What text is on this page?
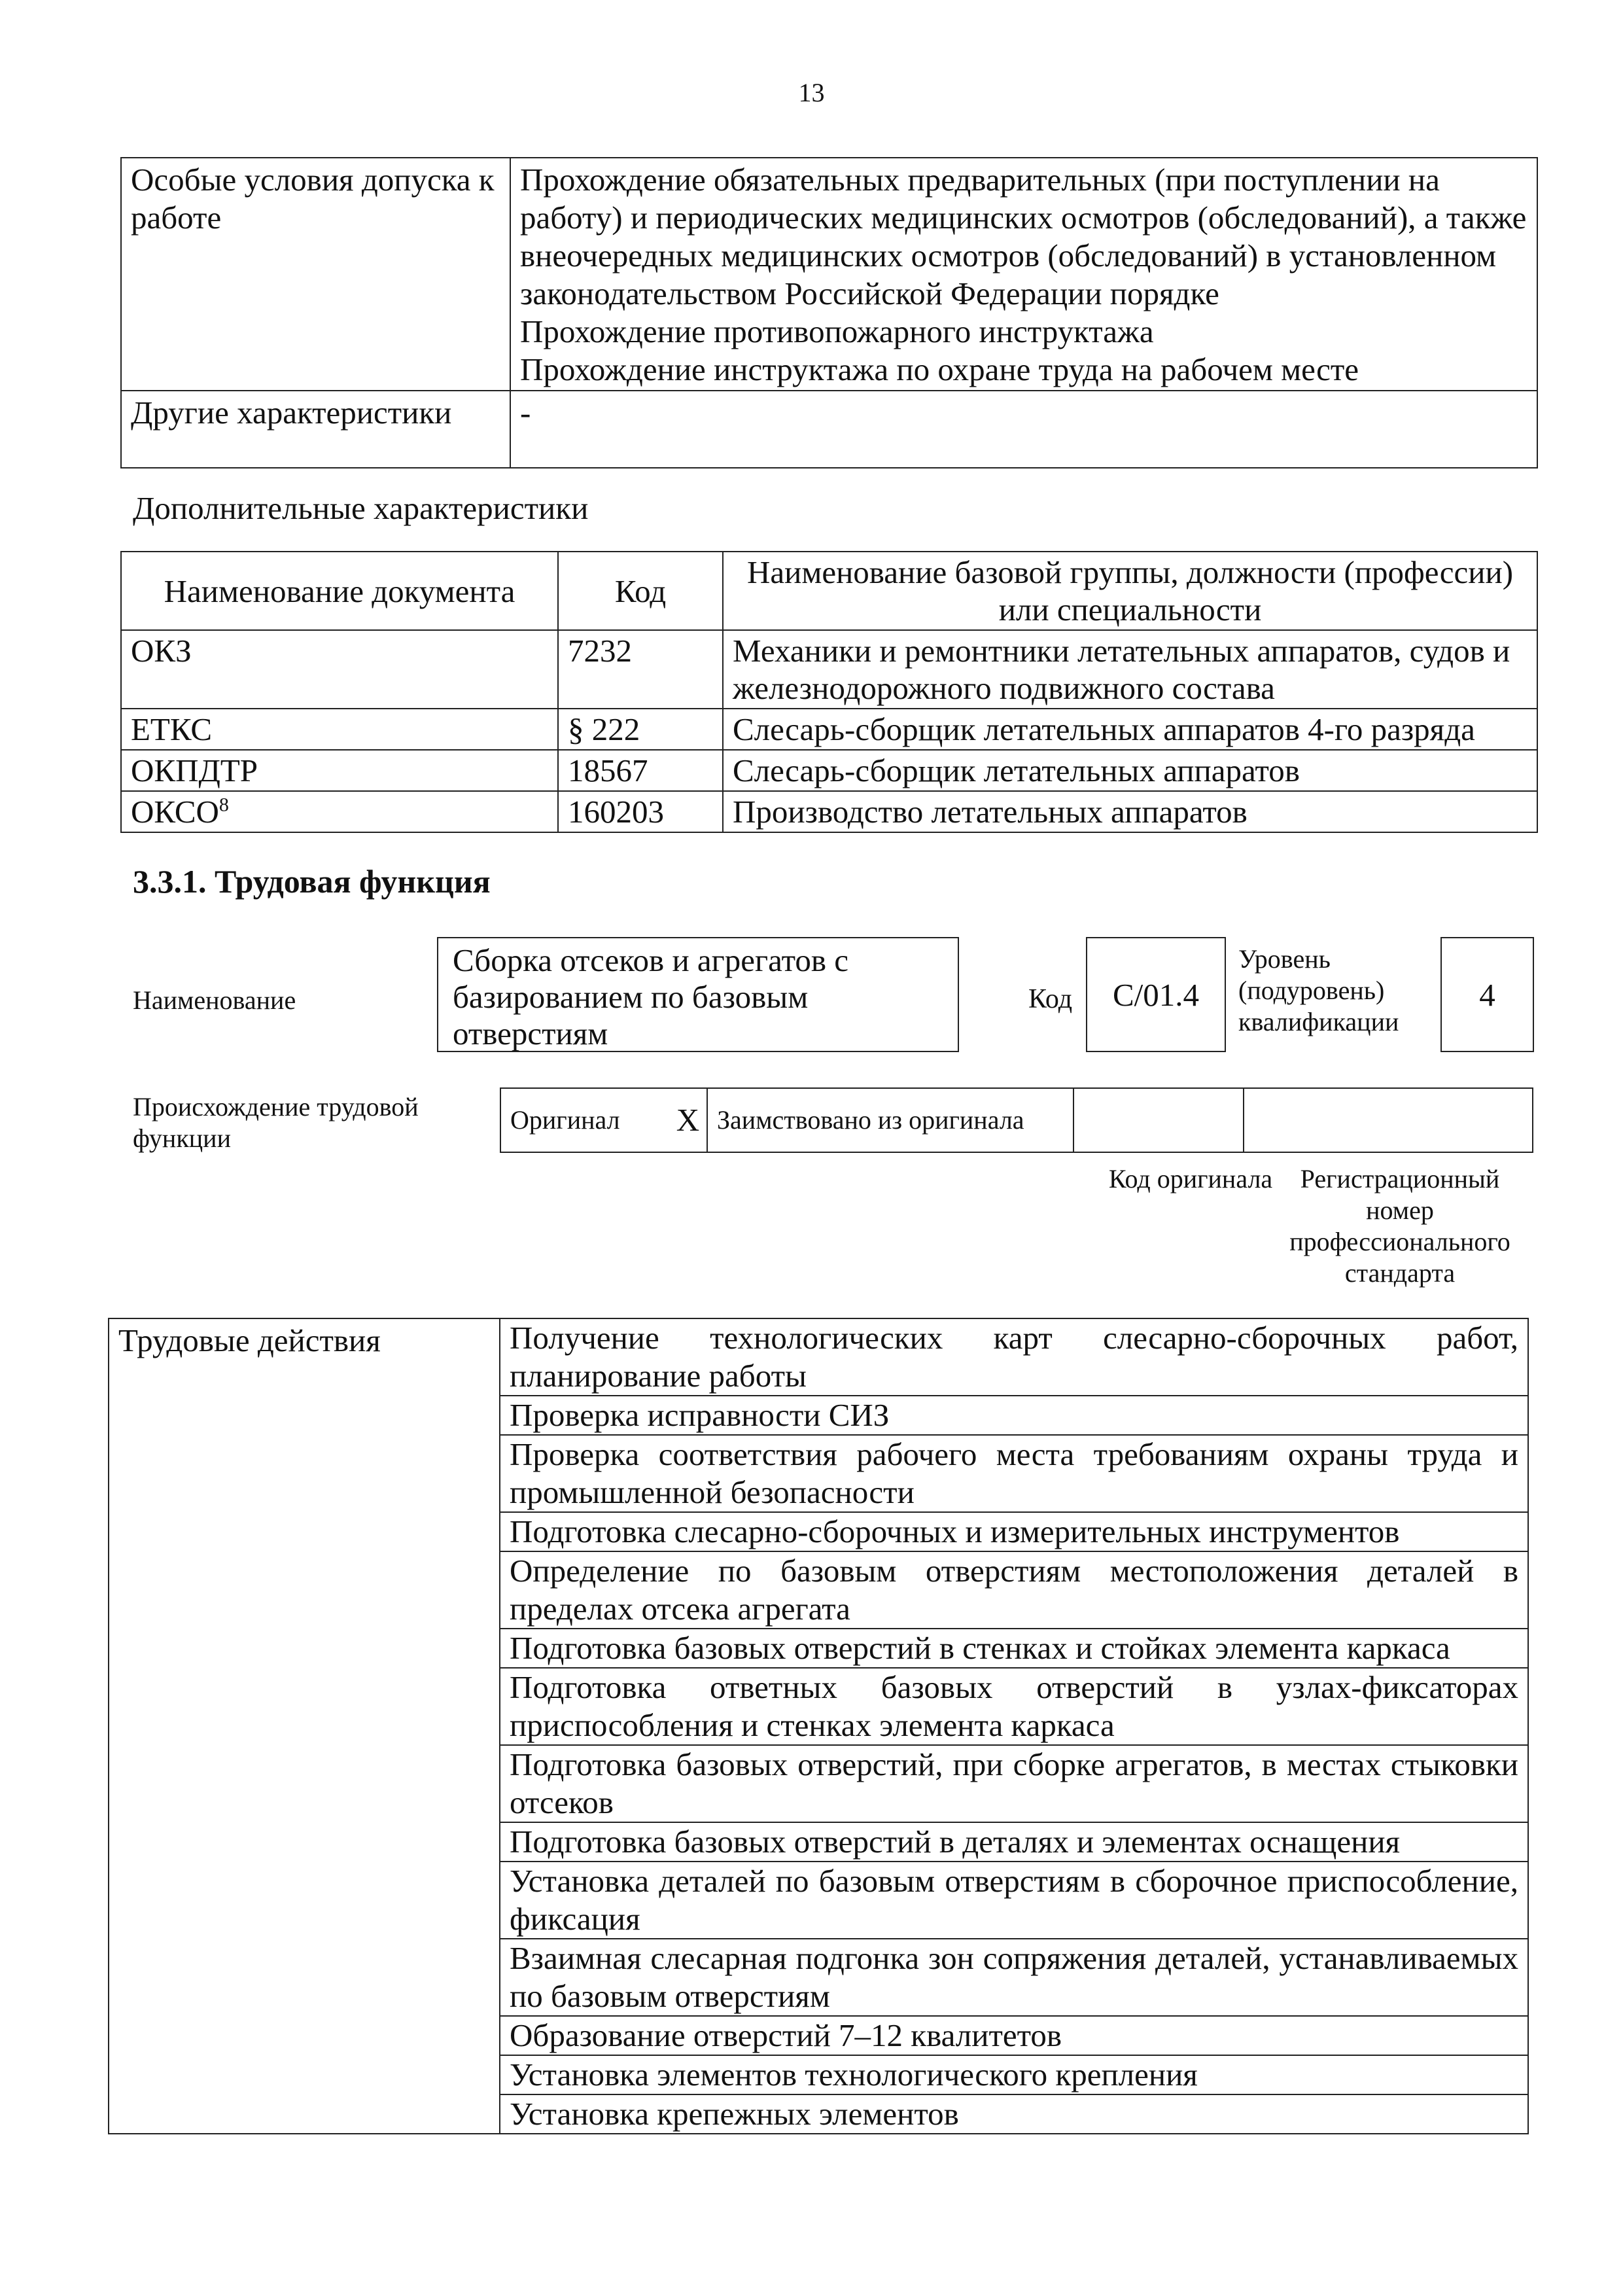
13
Особые условия допуска к работе	Прохождение обязательных предварительных (при поступлении на работу) и периодических медицинских осмотров (обследований), а также внеочередных медицинских осмотров (обследований) в установленном законодательством Российской Федерации порядке
Прохождение противопожарного инструктажа
Прохождение инструктажа по охране труда на рабочем месте

Другие характеристики	-
Дополнительные характеристики
Наименование документа	Код	Наименование базовой группы, должности (профессии) или специальности
ОКЗ	7232	Механики и ремонтники летательных аппаратов, судов и железнодорожного подвижного состава
ЕТКС	§ 222	Слесарь-сборщик летательных аппаратов 4-го разряда
ОКПДТР	18567	Слесарь-сборщик летательных аппаратов
ОКСО$^8$	160203	Производство летательных аппаратов
3.3.1. Трудовая функция
Наименование
Сборка отсеков и агрегатов с базированием по базовым отверстиям
Код C/01.4
Уровень (подуровень) квалификации
4
Происхождение трудовой функции
Оригинал	X	Заимствовано из оригинала		
Код оригинала	Регистрационный номер профессионального стандарта
Трудовые действия	Получение технологических карт слесарно-сборочных работ, планирование работы
Проверка исправности СИЗ
Проверка соответствия рабочего места требованиям охраны труда и промышленной безопасности
Подготовка слесарно-сборочных и измерительных инструментов
Определение по базовым отверстиям местоположения деталей в пределах отсека агрегата
Подготовка базовых отверстий в стенках и стойках элемента каркаса
Подготовка ответных базовых отверстий в узлах-фиксаторах приспособления и стенках элемента каркаса
Подготовка базовых отверстий, при сборке агрегатов, в местах стыковки отсеков
Подготовка базовых отверстий в деталях и элементах оснащения
Установка деталей по базовым отверстиям в сборочное приспособление, фиксация
Взаимная слесарная подгонка зон сопряжения деталей, устанавливаемых по базовым отверстиям
Образование отверстий 7–12 квалитетов
Установка элементов технологического крепления
Установка крепежных элементов
